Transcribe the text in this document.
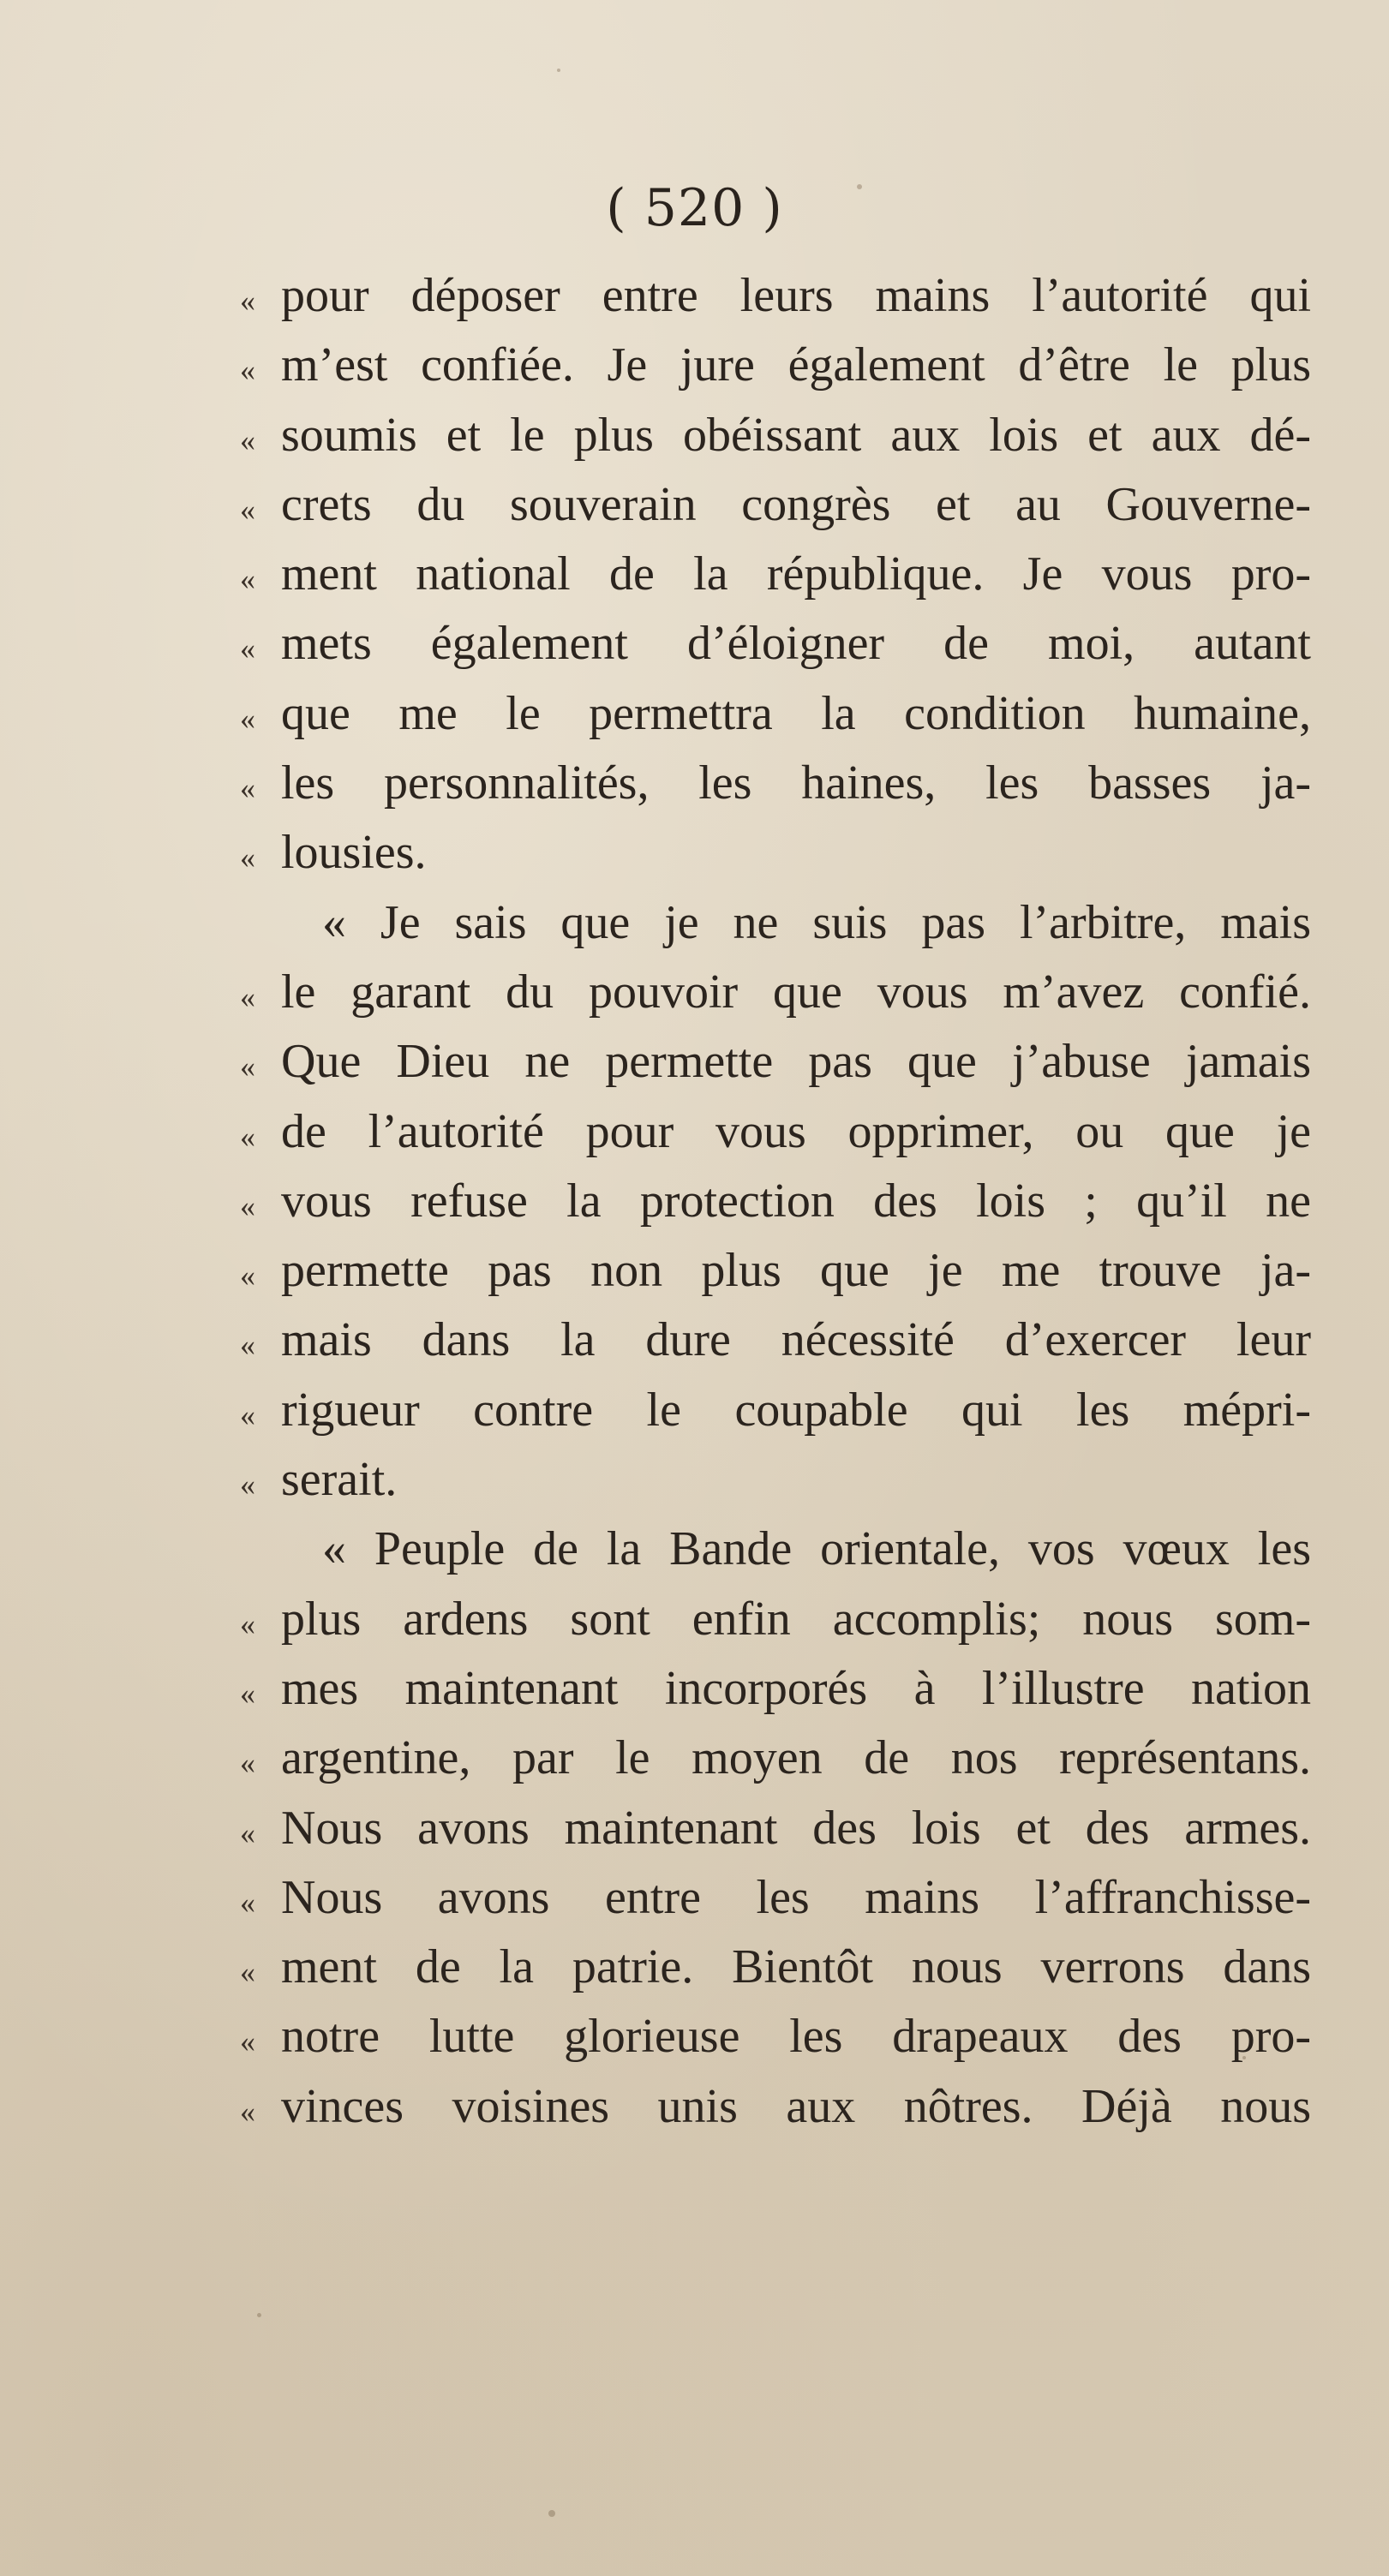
( 520 )
« pour déposer entre leurs mains l’autorité qui
« m’est confiée. Je jure également d’être le plus
« soumis et le plus obéissant aux lois et aux dé-
« crets du souverain congrès et au Gouverne-
« ment national de la république. Je vous pro-
« mets également d’éloigner de moi, autant
« que me le permettra la condition humaine,
« les personnalités, les haines, les basses ja-
« lousies.
« Je sais que je ne suis pas l’arbitre, mais
« le garant du pouvoir que vous m’avez confié.
« Que Dieu ne permette pas que j’abuse jamais
« de l’autorité pour vous opprimer, ou que je
« vous refuse la protection des lois ; qu’il ne
« permette pas non plus que je me trouve ja-
« mais dans la dure nécessité d’exercer leur
« rigueur contre le coupable qui les mépri-
« serait.
« Peuple de la Bande orientale, vos vœux les
« plus ardens sont enfin accomplis; nous som-
« mes maintenant incorporés à l’illustre nation
« argentine, par le moyen de nos représentans.
« Nous avons maintenant des lois et des armes.
« Nous avons entre les mains l’affranchisse-
« ment de la patrie. Bientôt nous verrons dans
« notre lutte glorieuse les drapeaux des pro-
« vinces voisines unis aux nôtres. Déjà nous
